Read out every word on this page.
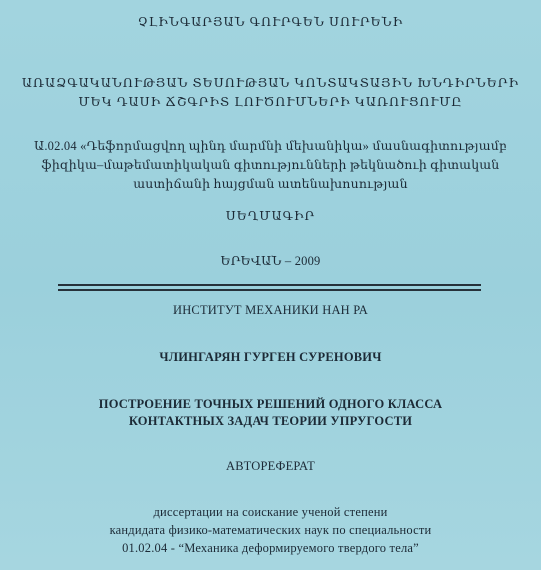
ՉԼԻՆԳԱՐՅԱՆ ԳՈՒՐԳԵՆ ՍՈՒՐԵՆԻ
ԱՌԱՁԳԱԿԱՆՈՒԹՅԱՆ ՏԵՍՈՒԹՅԱՆ ԿՈՆՏԱԿՏԱՅԻՆ ԽՆԴԻՐՆԵՐԻ
ՄԵԿ ԴԱՍԻ ՃՇԳՐԻՏ ԼՈՒԾՈՒՄՆԵՐԻ ԿԱՌՈՒՑՈՒՄԸ
Ա.02.04 «Դեֆորմացվող պինդ մարմնի մեխանիկա» մասնագիտությամբ
ֆիզիկա–մաթեմատիկական գիտությունների թեկնածուի գիտական
աստիճանի հայցման ատենախոսության
ՍԵՂՄԱԳԻՐ
ԵՐԵՎԱՆ – 2009
ИНСТИТУТ МЕХАНИКИ НАН РА
ЧЛИНГАРЯН ГУРГЕН СУРЕНОВИЧ
ПОСТРОЕНИЕ ТОЧНЫХ РЕШЕНИЙ ОДНОГО КЛАССА
КОНТАКТНЫХ ЗАДАЧ ТЕОРИИ УПРУГОСТИ
АВТОРЕФЕРАТ
диссертации на соискание ученой степени
кандидата физико-математических наук по специальности
01.02.04 - “Механика деформируемого твердого тела”
